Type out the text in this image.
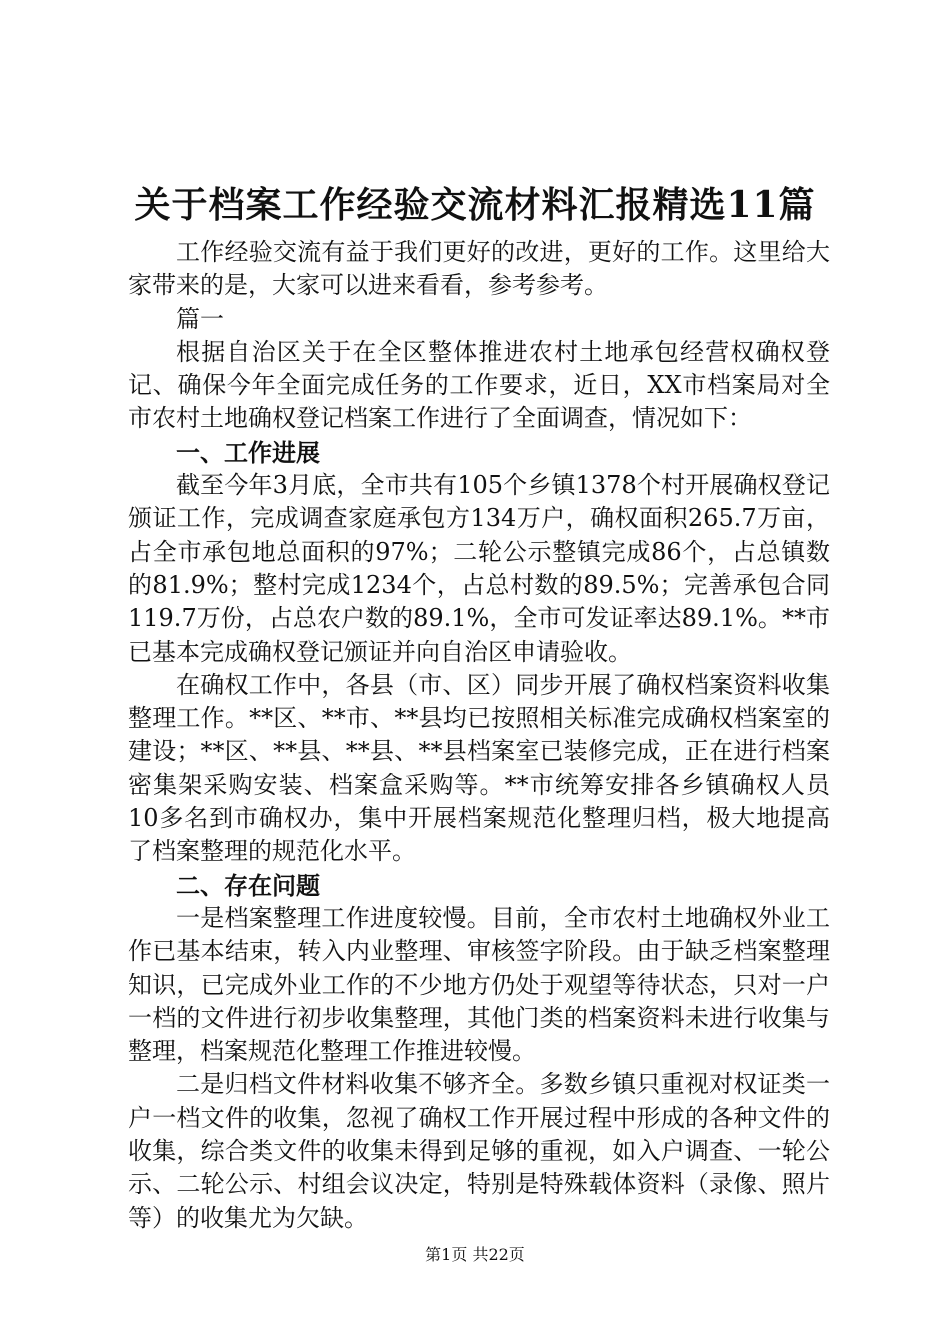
关于档案工作经验交流材料汇报精选11篇

工作经验交流有益于我们更好的改进，更好的工作。这里给大家带来的是，大家可以进来看看，参考参考。

篇一

根据自治区关于在全区整体推进农村土地承包经营权确权登记、确保今年全面完成任务的工作要求，近日，XX市档案局对全市农村土地确权登记档案工作进行了全面调查，情况如下：

一、工作进展

截至今年3月底，全市共有105个乡镇1378个村开展确权登记颁证工作，完成调查家庭承包方134万户，确权面积265.7万亩，占全市承包地总面积的97%；二轮公示整镇完成86个，占总镇数的81.9%；整村完成1234个，占总村数的89.5%；完善承包合同119.7万份，占总农户数的89.1%，全市可发证率达89.1%。**市已基本完成确权登记颁证并向自治区申请验收。

在确权工作中，各县（市、区）同步开展了确权档案资料收集整理工作。**区、**市、**县均已按照相关标准完成确权档案室的建设；**区、**县、**县、**县档案室已装修完成，正在进行档案密集架采购安装、档案盒采购等。**市统筹安排各乡镇确权人员10多名到市确权办，集中开展档案规范化整理归档，极大地提高了档案整理的规范化水平。

二、存在问题

一是档案整理工作进度较慢。目前，全市农村土地确权外业工作已基本结束，转入内业整理、审核签字阶段。由于缺乏档案整理知识，已完成外业工作的不少地方仍处于观望等待状态，只对一户一档的文件进行初步收集整理，其他门类的档案资料未进行收集与整理，档案规范化整理工作推进较慢。

二是归档文件材料收集不够齐全。多数乡镇只重视对权证类一户一档文件的收集，忽视了确权工作开展过程中形成的各种文件的收集，综合类文件的收集未得到足够的重视，如入户调查、一轮公示、二轮公示、村组会议决定，特别是特殊载体资料（录像、照片等）的收集尤为欠缺。

第1页 共22页
